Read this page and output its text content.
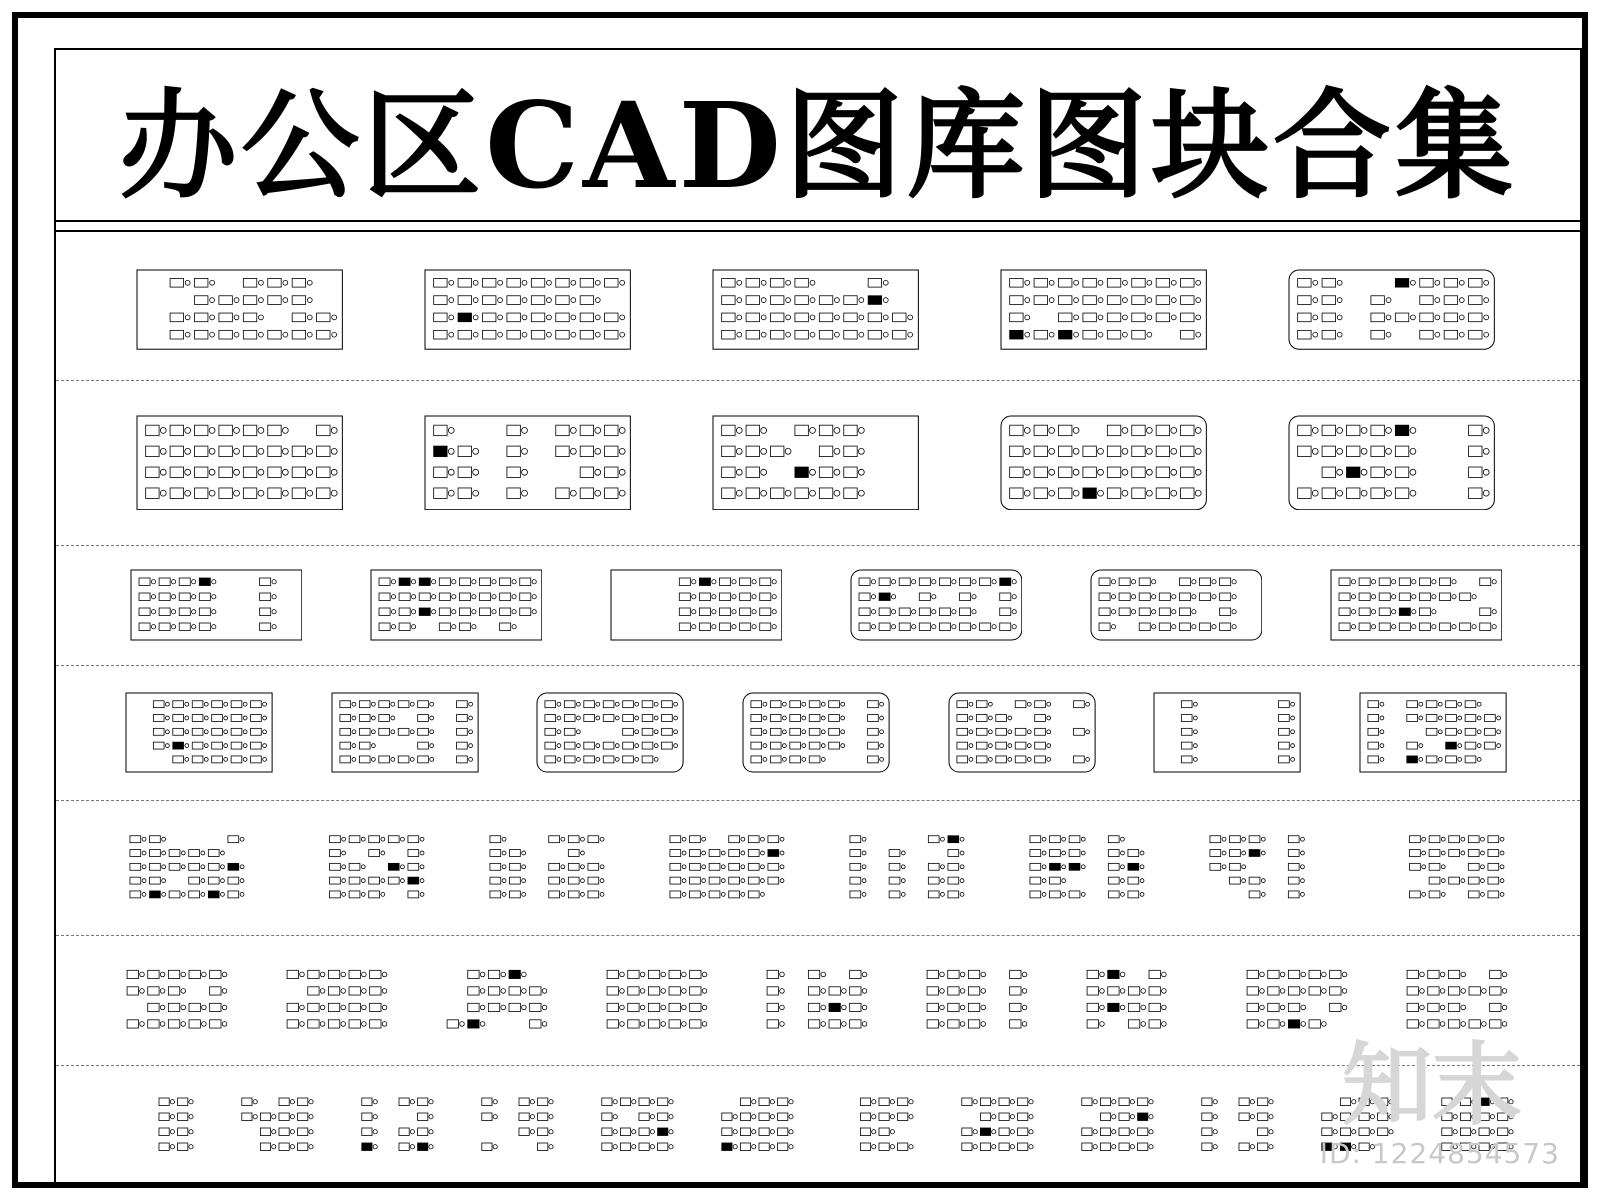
办公区CAD图库图块合集
知末
ID: 1224854573
